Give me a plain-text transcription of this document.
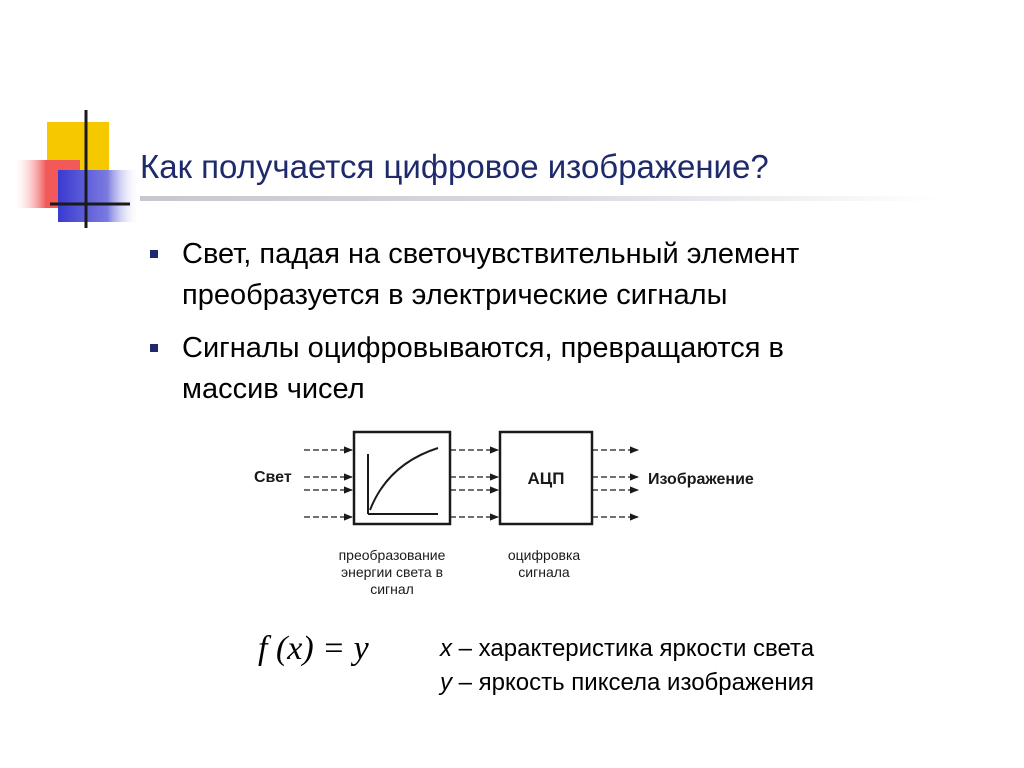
Как получается цифровое изображение?
Свет, падая на светочувствительный элемент
преобразуется в электрические сигналы
Сигналы оцифровываются, превращаются в
массив чисел
Свет	АЦП	Изображение
преобразование
энергии света в
сигнал
оцифровка
сигнала
f (x) = y	x – характеристика яркости света
y – яркость пиксела изображения
